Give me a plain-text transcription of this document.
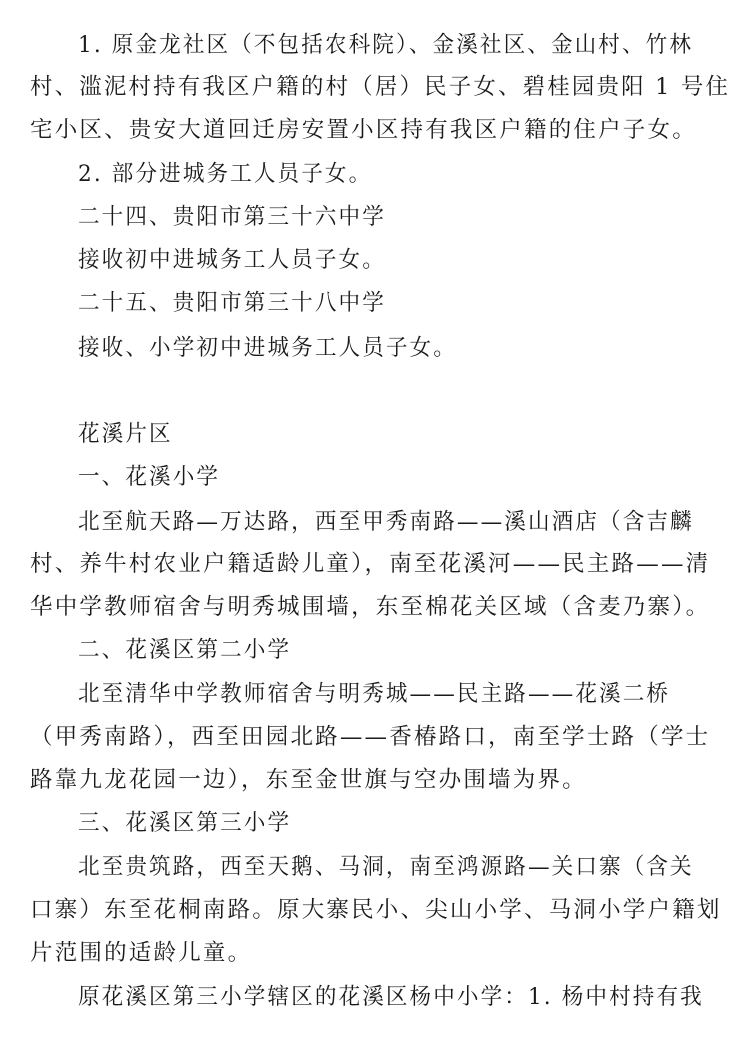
1. 原金龙社区（不包括农科院）、金溪社区、金山村、竹林
村、滥泥村持有我区户籍的村（居）民子女、碧桂园贵阳 1 号住
宅小区、贵安大道回迁房安置小区持有我区户籍的住户子女。
2. 部分进城务工人员子女。
二十四、贵阳市第三十六中学
接收初中进城务工人员子女。
二十五、贵阳市第三十八中学
接收、小学初中进城务工人员子女。
花溪片区
一、花溪小学
北至航天路—万达路，西至甲秀南路——溪山酒店（含吉麟
村、养牛村农业户籍适龄儿童），南至花溪河——民主路——清
华中学教师宿舍与明秀城围墙，东至棉花关区域（含麦乃寨）。
二、花溪区第二小学
北至清华中学教师宿舍与明秀城——民主路——花溪二桥
（甲秀南路），西至田园北路——香椿路口，南至学士路（学士
路靠九龙花园一边），东至金世旗与空办围墙为界。
三、花溪区第三小学
北至贵筑路，西至天鹅、马洞，南至鸿源路—关口寨（含关
口寨）东至花桐南路。原大寨民小、尖山小学、马洞小学户籍划
片范围的适龄儿童。
原花溪区第三小学辖区的花溪区杨中小学：1. 杨中村持有我
